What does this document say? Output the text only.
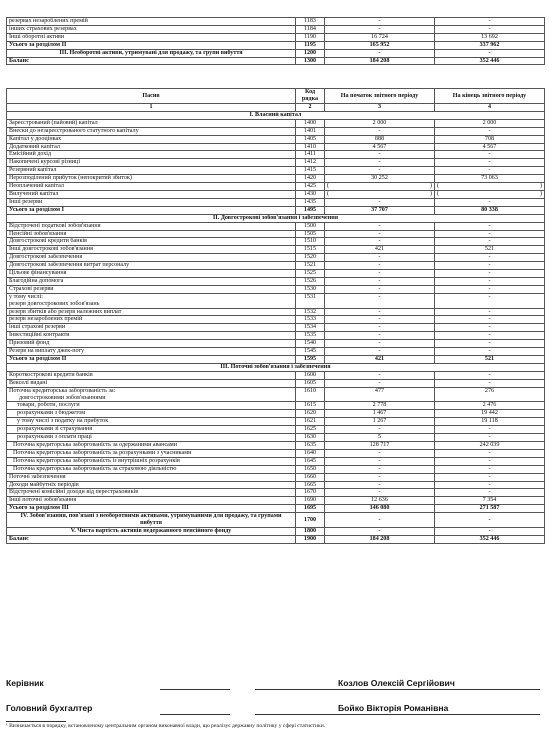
резервах незароблених премій	1183	-	-
інших страхових резервах	1184	-	-
Інші оборотні активи	1190	16 724	13 692
Усього за розділом II	1195	165 952	337 962
III. Необоротні активи, утримувані для продажу, та групи вибуття	1200	-	-
Баланс	1300	184 208	352 446
Пасив	Код рядка	На початок звітного періоду	На кінець звітного періоду
1	2	3	4
I. Власний капітал			
Зареєстрований (пайовий) капітал	1400	2 000	2 000
Внески до незареєстрованого статутного капіталу	1401	-	-
Капітал у дооцінках	1405	888	708
Додатковий капітал	1410	4 567	4 567
Емісійний дохід	1411	-	-
Накопичені курсові різниці	1412	-	-
Резервний капітал	1415	-	-
Нерозподілений прибуток (непокритий збиток)	1420	30 252	73 063
Неоплачений капітал	1425	( )	( )

Вилучений капітал	1430	( )	( )

Інші резерви	1435	-	-
Усього за розділом I	1495	37 707	80 338
II. Довгострокові зобов'язання і забезпечення			
Відстрочені податкові зобов'язання	1500	-	-
Пенсійні зобов'язання	1505	-	-
Довгострокові кредити банків	1510	-	-
Інші довгострокові зобов'язання	1515	421	521
Довгострокові забезпечення	1520	-	-
Довгострокові забезпечення витрат персоналу	1521	-	-
Цільове фінансування	1525	-	-
Благодійна допомога	1526	-	-
Страхові резерви	1530	-	-

у тому числі:
резерв довгострокових зобов'язань	1531	-	-
резерв збитків або резерв належних виплат	1532	-	-
резерв незароблених премій	1533	-	-
інші страхові резерви	1534	-	-
Інвестиційні контракти	1535	-	-
Призовий фонд	1540	-	-
Резерв на виплату джек-поту	1545	-	-
Усього за розділом II	1595	421	521
III. Поточні зобов'язання і забезпечення			
Короткострокові кредити банків	1600	-	-
Векселі видані	1605	-	-

Поточна кредиторська заборгованість за:
довгостроковими зобов'язаннями	1610	477	276
товари, роботи, послуги	1615	2 778	2 476
розрахунками з бюджетом	1620	1 467	19 442
у тому числі з податку на прибуток	1621	1 267	19 118
розрахунками зі страхування	1625	-	-
розрахунками з оплати праці	1630	5	-
Поточна кредиторська заборгованість за одержаними авансами	1635	128 717	242 039
Поточна кредиторська заборгованість за розрахунками з учасниками	1640	-	-
Поточна кредиторська заборгованість із внутрішніх розрахунків	1645	-	-
Поточна кредиторська заборгованість за страховою діяльністю	1650	-	-
Поточні забезпечення	1660	-	-
Доходи майбутніх періодів	1665	-	-
Відстрочені комісійні доходи від перестраховиків	1670	-	-
Інші поточні зобов'язання	1690	12 636	7 354
Усього за розділом III	1695	146 080	271 587
IV. Зобов'язання, пов'язані з необоротними активами, утримуваними для продажу, та групами вибуття	1700	-	-
V. Чиста вартість активів недержавного пенсійного фонду	1800	-	-
Баланс	1900	184 208	352 446
Керівник	Козлов Олексій Сергійович
Головний бухгалтер	Бойко Вікторія Романівна
¹ Визначається в порядку, встановленому центральним органом виконавчої влади, що реалізує державну політику у сфері статистики.
